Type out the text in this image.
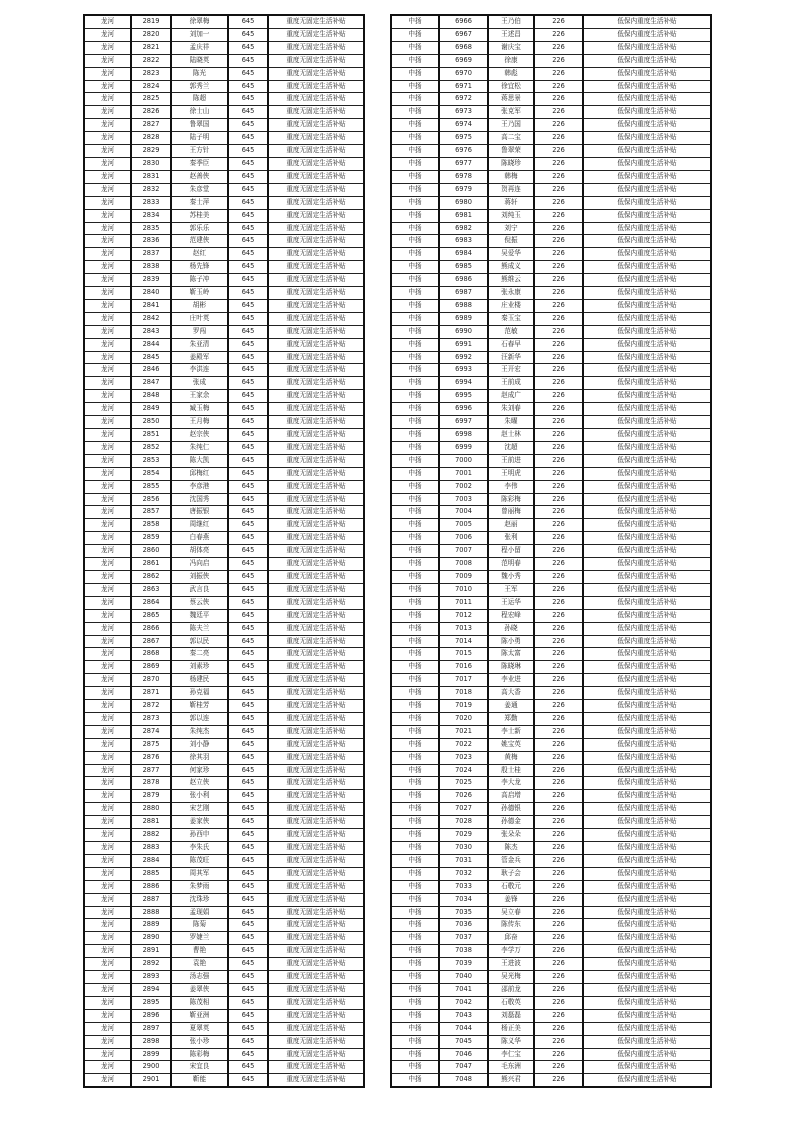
龙河	2819	徐翠梅	645	重度无固定生活补贴
龙河	2820	刘加一	645	重度无固定生活补贴
龙河	2821	孟庆祥	645	重度无固定生活补贴
龙河	2822	陆晓英	645	重度无固定生活补贴
龙河	2823	陈光	645	重度无固定生活补贴
龙河	2824	郭秀兰	645	重度无固定生活补贴
龙河	2825	陈超	645	重度无固定生活补贴
龙河	2826	徐士山	645	重度无固定生活补贴
龙河	2827	鲁翠国	645	重度无固定生活补贴
龙河	2828	陆子明	645	重度无固定生活补贴
龙河	2829	王方针	645	重度无固定生活补贴
龙河	2830	秦季臣	645	重度无固定生活补贴
龙河	2831	赵善侠	645	重度无固定生活补贴
龙河	2832	朱彦堂	645	重度无固定生活补贴
龙河	2833	秦士萍	645	重度无固定生活补贴
龙河	2834	苏桂美	645	重度无固定生活补贴
龙河	2835	郭乐乐	645	重度无固定生活补贴
龙河	2836	范建侠	645	重度无固定生活补贴
龙河	2837	赵红	645	重度无固定生活补贴
龙河	2838	杨先锋	645	重度无固定生活补贴
龙河	2839	陈子冲	645	重度无固定生活补贴
龙河	2840	靳玉岭	645	重度无固定生活补贴
龙河	2841	胡彬	645	重度无固定生活补贴
龙河	2842	庄叶英	645	重度无固定生活补贴
龙河	2843	罗闯	645	重度无固定生活补贴
龙河	2844	朱亚清	645	重度无固定生活补贴
龙河	2845	姜殿军	645	重度无固定生活补贴
龙河	2846	李洪连	645	重度无固定生活补贴
龙河	2847	张成	645	重度无固定生活补贴
龙河	2848	王家余	645	重度无固定生活补贴
龙河	2849	臧玉梅	645	重度无固定生活补贴
龙河	2850	王月梅	645	重度无固定生活补贴
龙河	2851	赵宗侠	645	重度无固定生活补贴
龙河	2852	朱纯仁	645	重度无固定生活补贴
龙河	2853	陈大凯	645	重度无固定生活补贴
龙河	2854	邱梅红	645	重度无固定生活补贴
龙河	2855	李彦港	645	重度无固定生活补贴
龙河	2856	沈国秀	645	重度无固定生活补贴
龙河	2857	唐振银	645	重度无固定生活补贴
龙河	2858	周继红	645	重度无固定生活补贴
龙河	2859	白春燕	645	重度无固定生活补贴
龙河	2860	胡体亮	645	重度无固定生活补贴
龙河	2861	冯向启	645	重度无固定生活补贴
龙河	2862	刘振侠	645	重度无固定生活补贴
龙河	2863	武言良	645	重度无固定生活补贴
龙河	2864	蔡云侠	645	重度无固定生活补贴
龙河	2865	魏廷平	645	重度无固定生活补贴
龙河	2866	陈夫兰	645	重度无固定生活补贴
龙河	2867	郭以民	645	重度无固定生活补贴
龙河	2868	秦二亮	645	重度无固定生活补贴
龙河	2869	刘素珍	645	重度无固定生活补贴
龙河	2870	杨建民	645	重度无固定生活补贴
龙河	2871	孙克福	645	重度无固定生活补贴
龙河	2872	靳桂芳	645	重度无固定生活补贴
龙河	2873	郭以连	645	重度无固定生活补贴
龙河	2874	朱纯杰	645	重度无固定生活补贴
龙河	2875	刘小静	645	重度无固定生活补贴
龙河	2876	徐其羽	645	重度无固定生活补贴
龙河	2877	何家珍	645	重度无固定生活补贴
龙河	2878	赵立侠	645	重度无固定生活补贴
龙河	2879	张小利	645	重度无固定生活补贴
龙河	2880	宋艺刚	645	重度无固定生活补贴
龙河	2881	姜家侠	645	重度无固定生活补贴
龙河	2882	孙西申	645	重度无固定生活补贴
龙河	2883	李朱氏	645	重度无固定生活补贴
龙河	2884	陈茂旺	645	重度无固定生活补贴
龙河	2885	周其军	645	重度无固定生活补贴
龙河	2886	朱梦雨	645	重度无固定生活补贴
龙河	2887	沈珠珍	645	重度无固定生活补贴
龙河	2888	孟现娟	645	重度无固定生活补贴
龙河	2889	陈菊	645	重度无固定生活补贴
龙河	2890	罗婕兰	645	重度无固定生活补贴
龙河	2891	曹艳	645	重度无固定生活补贴
龙河	2892	袁艳	645	重度无固定生活补贴
龙河	2893	汤志强	645	重度无固定生活补贴
龙河	2894	姜翠侠	645	重度无固定生活补贴
龙河	2895	陈茂相	645	重度无固定生活补贴
龙河	2896	靳亚洲	645	重度无固定生活补贴
龙河	2897	夏翠英	645	重度无固定生活补贴
龙河	2898	张小珍	645	重度无固定生活补贴
龙河	2899	陈彩梅	645	重度无固定生活补贴
龙河	2900	宋宜良	645	重度无固定生活补贴
龙河	2901	靳能	645	重度无固定生活补贴
中扬	6966	王乃伯	226	低保内重度生活补贴
中扬	6967	王述昌	226	低保内重度生活补贴
中扬	6968	谢庆宝	226	低保内重度生活补贴
中扬	6969	徐康	226	低保内重度生活补贴
中扬	6970	韩彪	226	低保内重度生活补贴
中扬	6971	徐宜松	226	低保内重度生活补贴
中扬	6972	蒋思景	226	低保内重度生活补贴
中扬	6973	张克军	226	低保内重度生活补贴
中扬	6974	王乃国	226	低保内重度生活补贴
中扬	6975	高二宝	226	低保内重度生活补贴
中扬	6976	鲁翠荣	226	低保内重度生活补贴
中扬	6977	陈晓珍	226	低保内重度生活补贴
中扬	6978	韩梅	226	低保内重度生活补贴
中扬	6979	贺再连	226	低保内重度生活补贴
中扬	6980	蒋轩	226	低保内重度生活补贴
中扬	6981	刘纯玉	226	低保内重度生活补贴
中扬	6982	刘宁	226	低保内重度生活补贴
中扬	6983	倪振	226	低保内重度生活补贴
中扬	6984	吴爱华	226	低保内重度生活补贴
中扬	6985	熊成义	226	低保内重度生活补贴
中扬	6986	熊维云	226	低保内重度生活补贴
中扬	6987	张永康	226	低保内重度生活补贴
中扬	6988	庄业楼	226	低保内重度生活补贴
中扬	6989	秦玉宝	226	低保内重度生活补贴
中扬	6990	范敏	226	低保内重度生活补贴
中扬	6991	石春早	226	低保内重度生活补贴
中扬	6992	汪新华	226	低保内重度生活补贴
中扬	6993	王开宏	226	低保内重度生活补贴
中扬	6994	王前成	226	低保内重度生活补贴
中扬	6995	赵成广	226	低保内重度生活补贴
中扬	6996	朱刘春	226	低保内重度生活补贴
中扬	6997	朱曜	226	低保内重度生活补贴
中扬	6998	赵士林	226	低保内重度生活补贴
中扬	6999	沈超	226	低保内重度生活补贴
中扬	7000	王前进	226	低保内重度生活补贴
中扬	7001	王明虎	226	低保内重度生活补贴
中扬	7002	李伟	226	低保内重度生活补贴
中扬	7003	陈彩梅	226	低保内重度生活补贴
中扬	7004	曾丽梅	226	低保内重度生活补贴
中扬	7005	赵丽	226	低保内重度生活补贴
中扬	7006	张利	226	低保内重度生活补贴
中扬	7007	程小留	226	低保内重度生活补贴
中扬	7008	范明春	226	低保内重度生活补贴
中扬	7009	魏小秀	226	低保内重度生活补贴
中扬	7010	王军	226	低保内重度生活补贴
中扬	7011	王运华	226	低保内重度生活补贴
中扬	7012	程宏峰	226	低保内重度生活补贴
中扬	7013	孙晓	226	低保内重度生活补贴
中扬	7014	陈小勇	226	低保内重度生活补贴
中扬	7015	陈太富	226	低保内重度生活补贴
中扬	7016	陈晓琳	226	低保内重度生活补贴
中扬	7017	李业进	226	低保内重度生活补贴
中扬	7018	高大香	226	低保内重度生活补贴
中扬	7019	姜通	226	低保内重度生活补贴
中扬	7020	郑勤	226	低保内重度生活补贴
中扬	7021	李士新	226	低保内重度生活补贴
中扬	7022	姚宝英	226	低保内重度生活补贴
中扬	7023	黄梅	226	低保内重度生活补贴
中扬	7024	殷士桂	226	低保内重度生活补贴
中扬	7025	李大龙	226	低保内重度生活补贴
中扬	7026	高启增	226	低保内重度生活补贴
中扬	7027	孙德银	226	低保内重度生活补贴
中扬	7028	孙德金	226	低保内重度生活补贴
中扬	7029	张朵朵	226	低保内重度生活补贴
中扬	7030	陈杰	226	低保内重度生活补贴
中扬	7031	管金兵	226	低保内重度生活补贴
中扬	7032	耿子会	226	低保内重度生活补贴
中扬	7033	石敬元	226	低保内重度生活补贴
中扬	7034	姜锋	226	低保内重度生活补贴
中扬	7035	吴立春	226	低保内重度生活补贴
中扬	7036	陈传东	226	低保内重度生活补贴
中扬	7037	邱奋	226	低保内重度生活补贴
中扬	7038	李学万	226	低保内重度生活补贴
中扬	7039	王进波	226	低保内重度生活补贴
中扬	7040	吴光梅	226	低保内重度生活补贴
中扬	7041	邵前龙	226	低保内重度生活补贴
中扬	7042	石敬英	226	低保内重度生活补贴
中扬	7043	刘磊磊	226	低保内重度生活补贴
中扬	7044	杨正美	226	低保内重度生活补贴
中扬	7045	陈义华	226	低保内重度生活补贴
中扬	7046	李仁宝	226	低保内重度生活补贴
中扬	7047	毛东洲	226	低保内重度生活补贴
中扬	7048	熊兴君	226	低保内重度生活补贴
